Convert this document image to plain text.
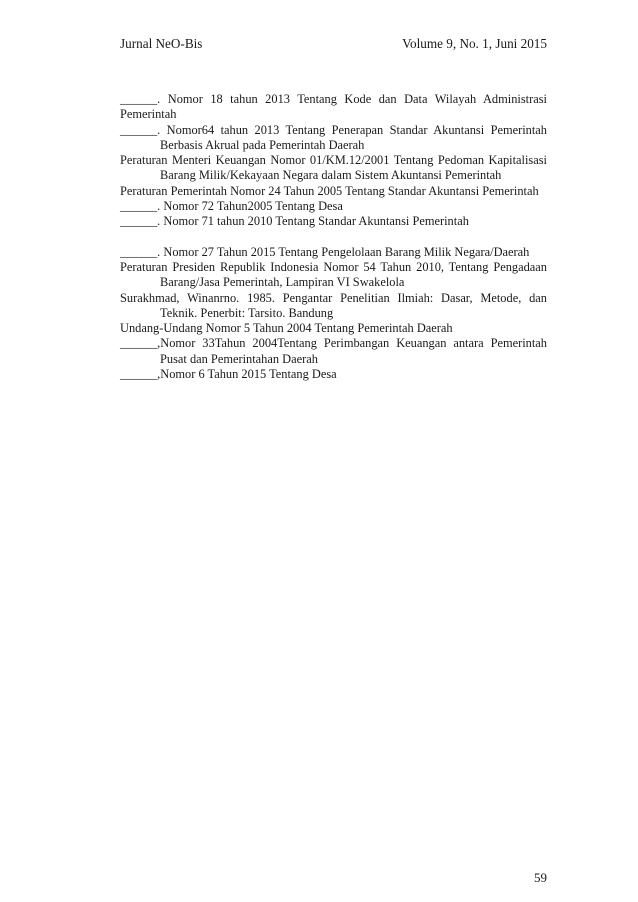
Jurnal NeO-Bis	Volume 9, No. 1, Juni 2015

______. Nomor 18 tahun 2013 Tentang Kode dan Data Wilayah Administrasi Pemerintah

______. Nomor64 tahun 2013 Tentang Penerapan Standar Akuntansi Pemerintah Berbasis Akrual pada Pemerintah Daerah

Peraturan Menteri Keuangan Nomor 01/KM.12/2001 Tentang Pedoman Kapitalisasi Barang Milik/Kekayaan Negara dalam Sistem Akuntansi Pemerintah

Peraturan Pemerintah Nomor 24 Tahun 2005 Tentang Standar Akuntansi Pemerintah

______. Nomor 72 Tahun2005 Tentang Desa

______. Nomor 71 tahun 2010 Tentang Standar Akuntansi Pemerintah

______. Nomor 27 Tahun 2015 Tentang Pengelolaan Barang Milik Negara/Daerah

Peraturan Presiden Republik Indonesia Nomor 54 Tahun 2010, Tentang Pengadaan Barang/Jasa Pemerintah, Lampiran VI Swakelola

Surakhmad, Winanrno. 1985. Pengantar Penelitian Ilmiah: Dasar, Metode, dan Teknik. Penerbit: Tarsito. Bandung

Undang-Undang Nomor 5 Tahun 2004 Tentang Pemerintah Daerah

______,Nomor 33Tahun 2004Tentang Perimbangan Keuangan antara Pemerintah Pusat dan Pemerintahan Daerah

______,Nomor 6 Tahun 2015 Tentang Desa

59
